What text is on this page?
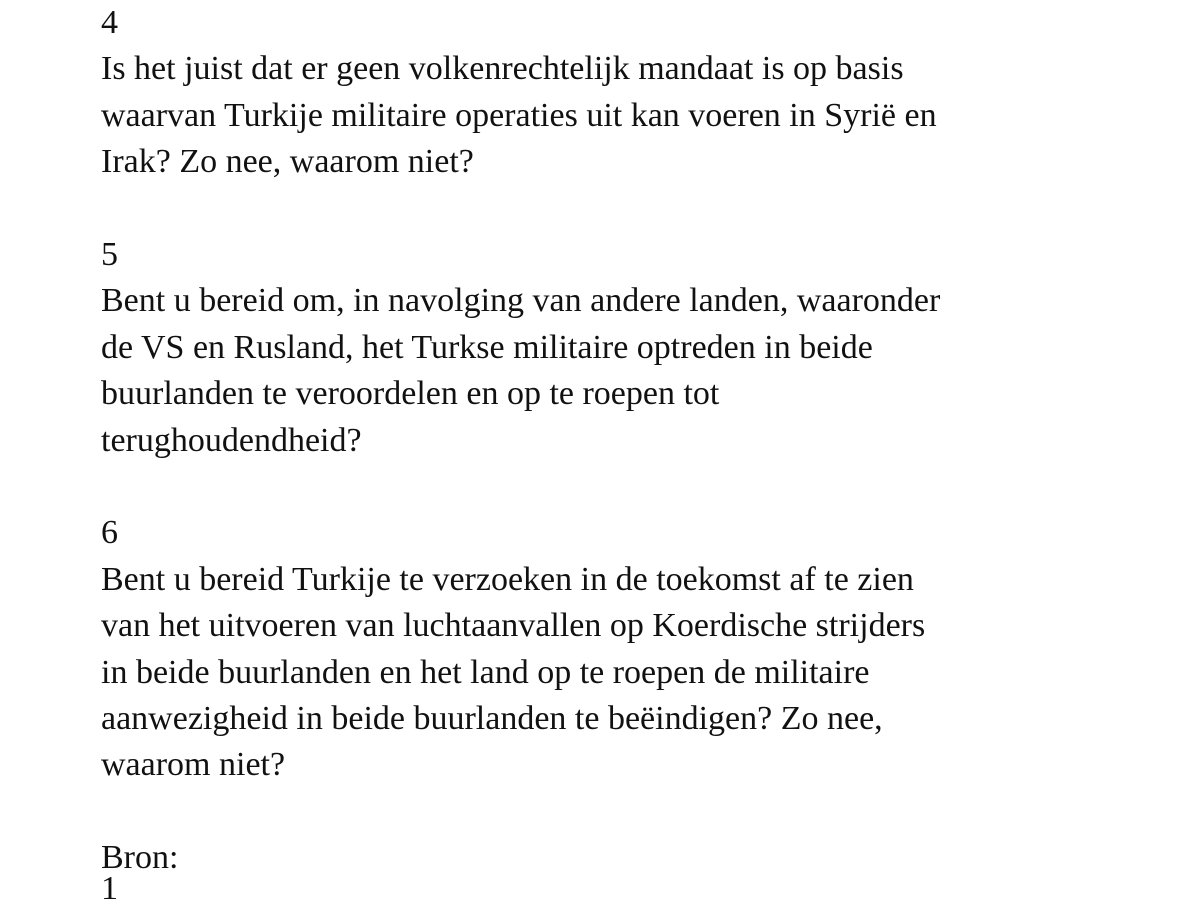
4
Is het juist dat er geen volkenrechtelijk mandaat is op basis
waarvan Turkije militaire operaties uit kan voeren in Syrië en
Irak? Zo nee, waarom niet?
5
Bent u bereid om, in navolging van andere landen, waaronder
de VS en Rusland, het Turkse militaire optreden in beide
buurlanden te veroordelen en op te roepen tot
terughoudendheid?
6
Bent u bereid Turkije te verzoeken in de toekomst af te zien
van het uitvoeren van luchtaanvallen op Koerdische strijders
in beide buurlanden en het land op te roepen de militaire
aanwezigheid in beide buurlanden te beëindigen? Zo nee,
waarom niet?
Bron:
1
